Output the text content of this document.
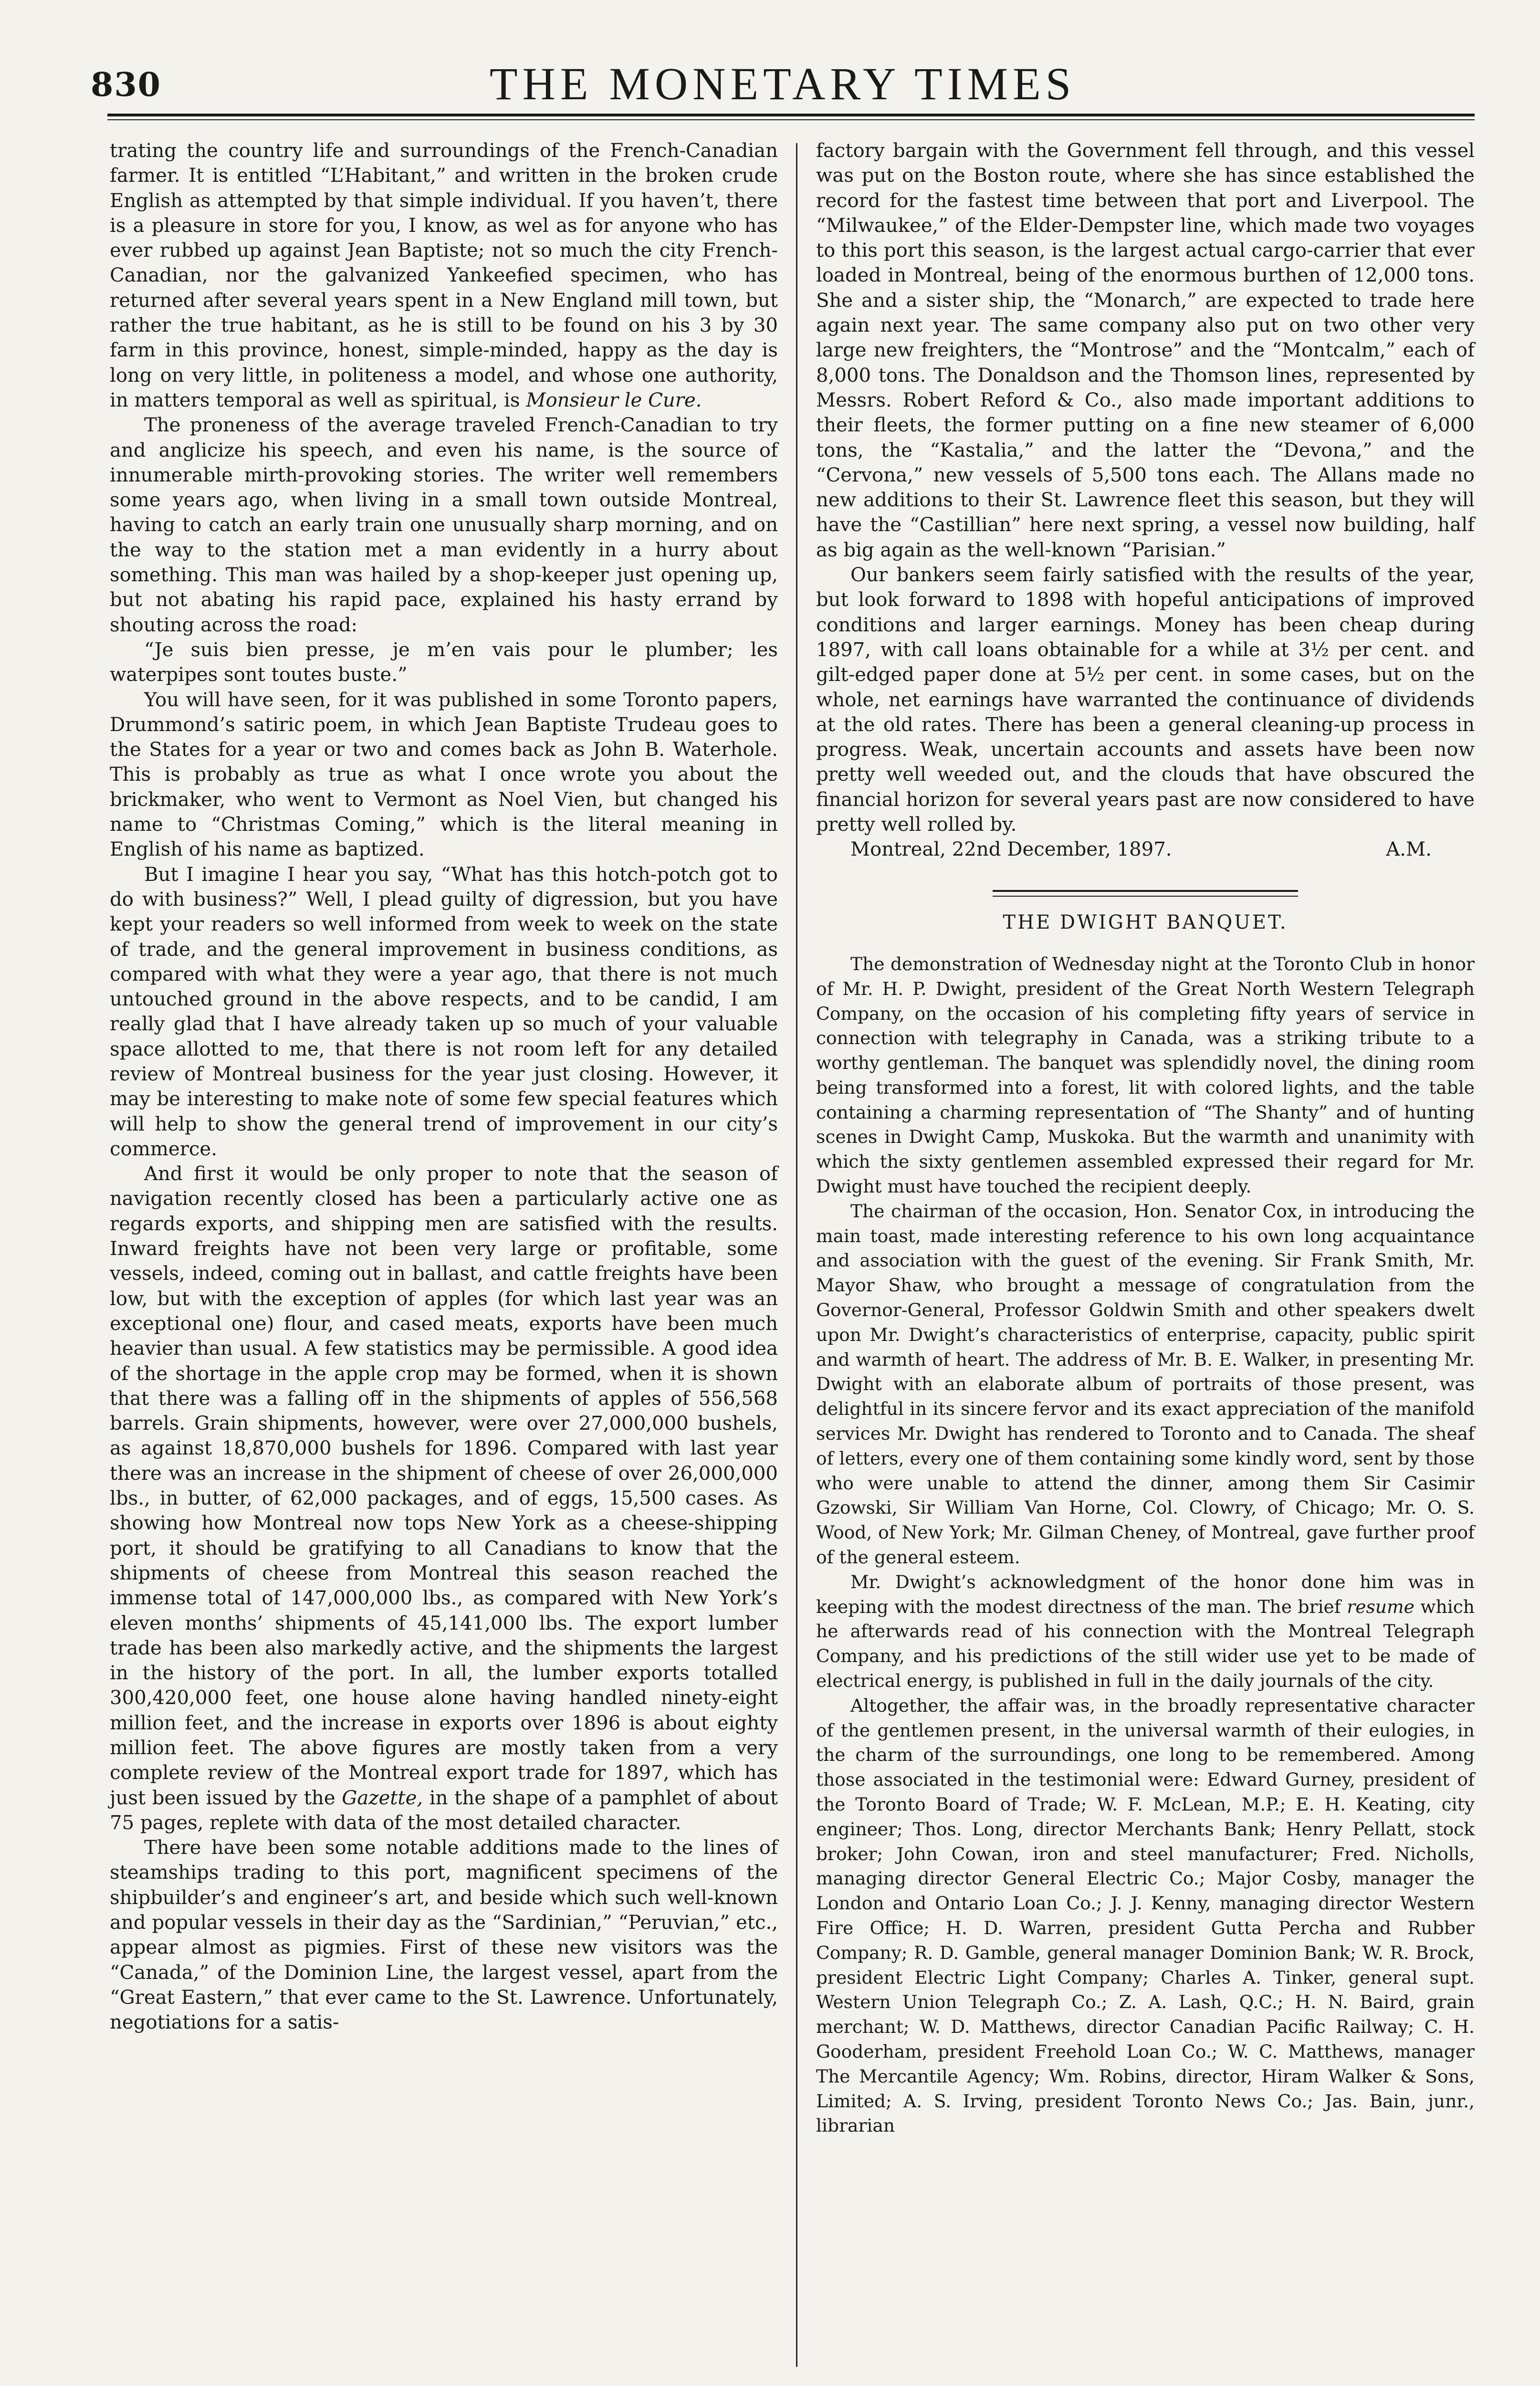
830	THE MONETARY TIMES

trating the country life and surroundings of the French-Canadian farmer. It is entitled “L’Habitant,” and written in the broken crude English as attempted by that simple individual. If you haven’t, there is a pleasure in store for you, I know, as wel as for anyone who has ever rubbed up against Jean Baptiste; not so much the city French-Canadian, nor the galvanized Yankeefied specimen, who has returned after several years spent in a New England mill town, but rather the true habitant, as he is still to be found on his 3 by 30 farm in this province, honest, simple-minded, happy as the day is long on very little, in politeness a model, and whose one authority, in matters temporal as well as spiritual, is Monsieur le Cure.

The proneness of the average traveled French-Canadian to try and anglicize his speech, and even his name, is the source of innumerable mirth-provoking stories. The writer well remembers some years ago, when living in a small town outside Montreal, having to catch an early train one unusually sharp morning, and on the way to the station met a man evidently in a hurry about something. This man was hailed by a shop-keeper just opening up, but not abating his rapid pace, explained his hasty errand by shouting across the road:

“Je suis bien presse, je m’en vais pour le plumber; les waterpipes sont toutes buste.”

You will have seen, for it was published in some Toronto papers, Drummond’s satiric poem, in which Jean Baptiste Trudeau goes to the States for a year or two and comes back as John B. Waterhole. This is probably as true as what I once wrote you about the brickmaker, who went to Vermont as Noel Vien, but changed his name to “Christmas Coming,” which is the literal meaning in English of his name as baptized.

But I imagine I hear you say, “What has this hotch-potch got to do with business?” Well, I plead guilty of digression, but you have kept your readers so well informed from week to week on the state of trade, and the general improvement in business conditions, as compared with what they were a year ago, that there is not much untouched ground in the above respects, and to be candid, I am really glad that I have already taken up so much of your valuable space allotted to me, that there is not room left for any detailed review of Montreal business for the year just closing. However, it may be interesting to make note of some few special features which will help to show the general trend of improvement in our city’s commerce.

And first it would be only proper to note that the season of navigation recently closed has been a particularly active one as regards exports, and shipping men are satisfied with the results. Inward freights have not been very large or profitable, some vessels, indeed, coming out in ballast, and cattle freights have been low, but with the exception of apples (for which last year was an exceptional one) flour, and cased meats, exports have been much heavier than usual. A few statistics may be permissible. A good idea of the shortage in the apple crop may be formed, when it is shown that there was a falling off in the shipments of apples of 556,568 barrels. Grain shipments, however, were over 27,000,000 bushels, as against 18,870,000 bushels for 1896. Compared with last year there was an increase in the shipment of cheese of over 26,000,000 lbs., in butter, of 62,000 packages, and of eggs, 15,500 cases. As showing how Montreal now tops New York as a cheese-shipping port, it should be gratifying to all Canadians to know that the shipments of cheese from Montreal this season reached the immense total of 147,000,000 lbs., as compared with New York’s eleven months’ shipments of 45,141,000 lbs. The export lumber trade has been also markedly active, and the shipments the largest in the history of the port. In all, the lumber exports totalled 300,420,000 feet, one house alone having handled ninety-eight million feet, and the increase in exports over 1896 is about eighty million feet. The above figures are mostly taken from a very complete review of the Montreal export trade for 1897, which has just been issued by the Gazette, in the shape of a pamphlet of about 75 pages, replete with data of the most detailed character.

There have been some notable additions made to the lines of steamships trading to this port, magnificent specimens of the shipbuilder’s and engineer’s art, and beside which such well-known and popular vessels in their day as the “Sardinian,” “Peruvian,” etc., appear almost as pigmies. First of these new visitors was the “Canada,” of the Dominion Line, the largest vessel, apart from the “Great Eastern,” that ever came to the St. Lawrence. Unfortunately, negotiations for a satis-

factory bargain with the Government fell through, and this vessel was put on the Boston route, where she has since established the record for the fastest time between that port and Liverpool. The “Milwaukee,” of the Elder-Dempster line, which made two voyages to this port this season, is the largest actual cargo-carrier that ever loaded in Montreal, being of the enormous burthen of 12,000 tons. She and a sister ship, the “Monarch,” are expected to trade here again next year. The same company also put on two other very large new freighters, the “Montrose” and the “Montcalm,” each of 8,000 tons. The Donaldson and the Thomson lines, represented by Messrs. Robert Reford & Co., also made important additions to their fleets, the former putting on a fine new steamer of 6,000 tons, the “Kastalia,” and the latter the “Devona,” and the “Cervona,” new vessels of 5,500 tons each. The Allans made no new additions to their St. Lawrence fleet this season, but they will have the “Castillian” here next spring, a vessel now building, half as big again as the well-known “Parisian.”

Our bankers seem fairly satisfied with the results of the year, but look forward to 1898 with hopeful anticipations of improved conditions and larger earnings. Money has been cheap during 1897, with call loans obtainable for a while at 3½ per cent. and gilt-edged paper done at 5½ per cent. in some cases, but on the whole, net earnings have warranted the continuance of dividends at the old rates. There has been a general cleaning-up process in progress. Weak, uncertain accounts and assets have been now pretty well weeded out, and the clouds that have obscured the financial horizon for several years past are now considered to have pretty well rolled by.

Montreal, 22nd December, 1897.	A.M.

THE DWIGHT BANQUET.

The demonstration of Wednesday night at the Toronto Club in honor of Mr. H. P. Dwight, president of the Great North Western Telegraph Company, on the occasion of his completing fifty years of service in connection with telegraphy in Canada, was a striking tribute to a worthy gentleman. The banquet was splendidly novel, the dining room being transformed into a forest, lit with colored lights, and the table containing a charming representation of “The Shanty” and of hunting scenes in Dwight Camp, Muskoka. But the warmth and unanimity with which the sixty gentlemen assembled expressed their regard for Mr. Dwight must have touched the recipient deeply.

The chairman of the occasion, Hon. Senator Cox, in introducing the main toast, made interesting reference to his own long acquaintance and association with the guest of the evening. Sir Frank Smith, Mr. Mayor Shaw, who brought a message of congratulation from the Governor-General, Professor Goldwin Smith and other speakers dwelt upon Mr. Dwight’s characteristics of enterprise, capacity, public spirit and warmth of heart. The address of Mr. B. E. Walker, in presenting Mr. Dwight with an elaborate album of portraits of those present, was delightful in its sincere fervor and its exact appreciation of the manifold services Mr. Dwight has rendered to Toronto and to Canada. The sheaf of letters, every one of them containing some kindly word, sent by those who were unable to attend the dinner, among them Sir Casimir Gzowski, Sir William Van Horne, Col. Clowry, of Chicago; Mr. O. S. Wood, of New York; Mr. Gilman Cheney, of Montreal, gave further proof of the general esteem.

Mr. Dwight’s acknowledgment of the honor done him was in keeping with the modest directness of the man. The brief resume which he afterwards read of his connection with the Montreal Telegraph Company, and his predictions of the still wider use yet to be made of electrical energy, is published in full in the daily journals of the city.

Altogether, the affair was, in the broadly representative character of the gentlemen present, in the universal warmth of their eulogies, in the charm of the surroundings, one long to be remembered. Among those associated in the testimonial were: Edward Gurney, president of the Toronto Board of Trade; W. F. McLean, M.P.; E. H. Keating, city engineer; Thos. Long, director Merchants Bank; Henry Pellatt, stock broker; John Cowan, iron and steel manufacturer; Fred. Nicholls, managing director General Electric Co.; Major Cosby, manager the London and Ontario Loan Co.; J. J. Kenny, managing director Western Fire Office; H. D. Warren, president Gutta Percha and Rubber Company; R. D. Gamble, general manager Dominion Bank; W. R. Brock, president Electric Light Company; Charles A. Tinker, general supt. Western Union Telegraph Co.; Z. A. Lash, Q.C.; H. N. Baird, grain merchant; W. D. Matthews, director Canadian Pacific Railway; C. H. Gooderham, president Freehold Loan Co.; W. C. Matthews, manager The Mercantile Agency; Wm. Robins, director, Hiram Walker & Sons, Limited; A. S. Irving, president Toronto News Co.; Jas. Bain, junr., librarian
